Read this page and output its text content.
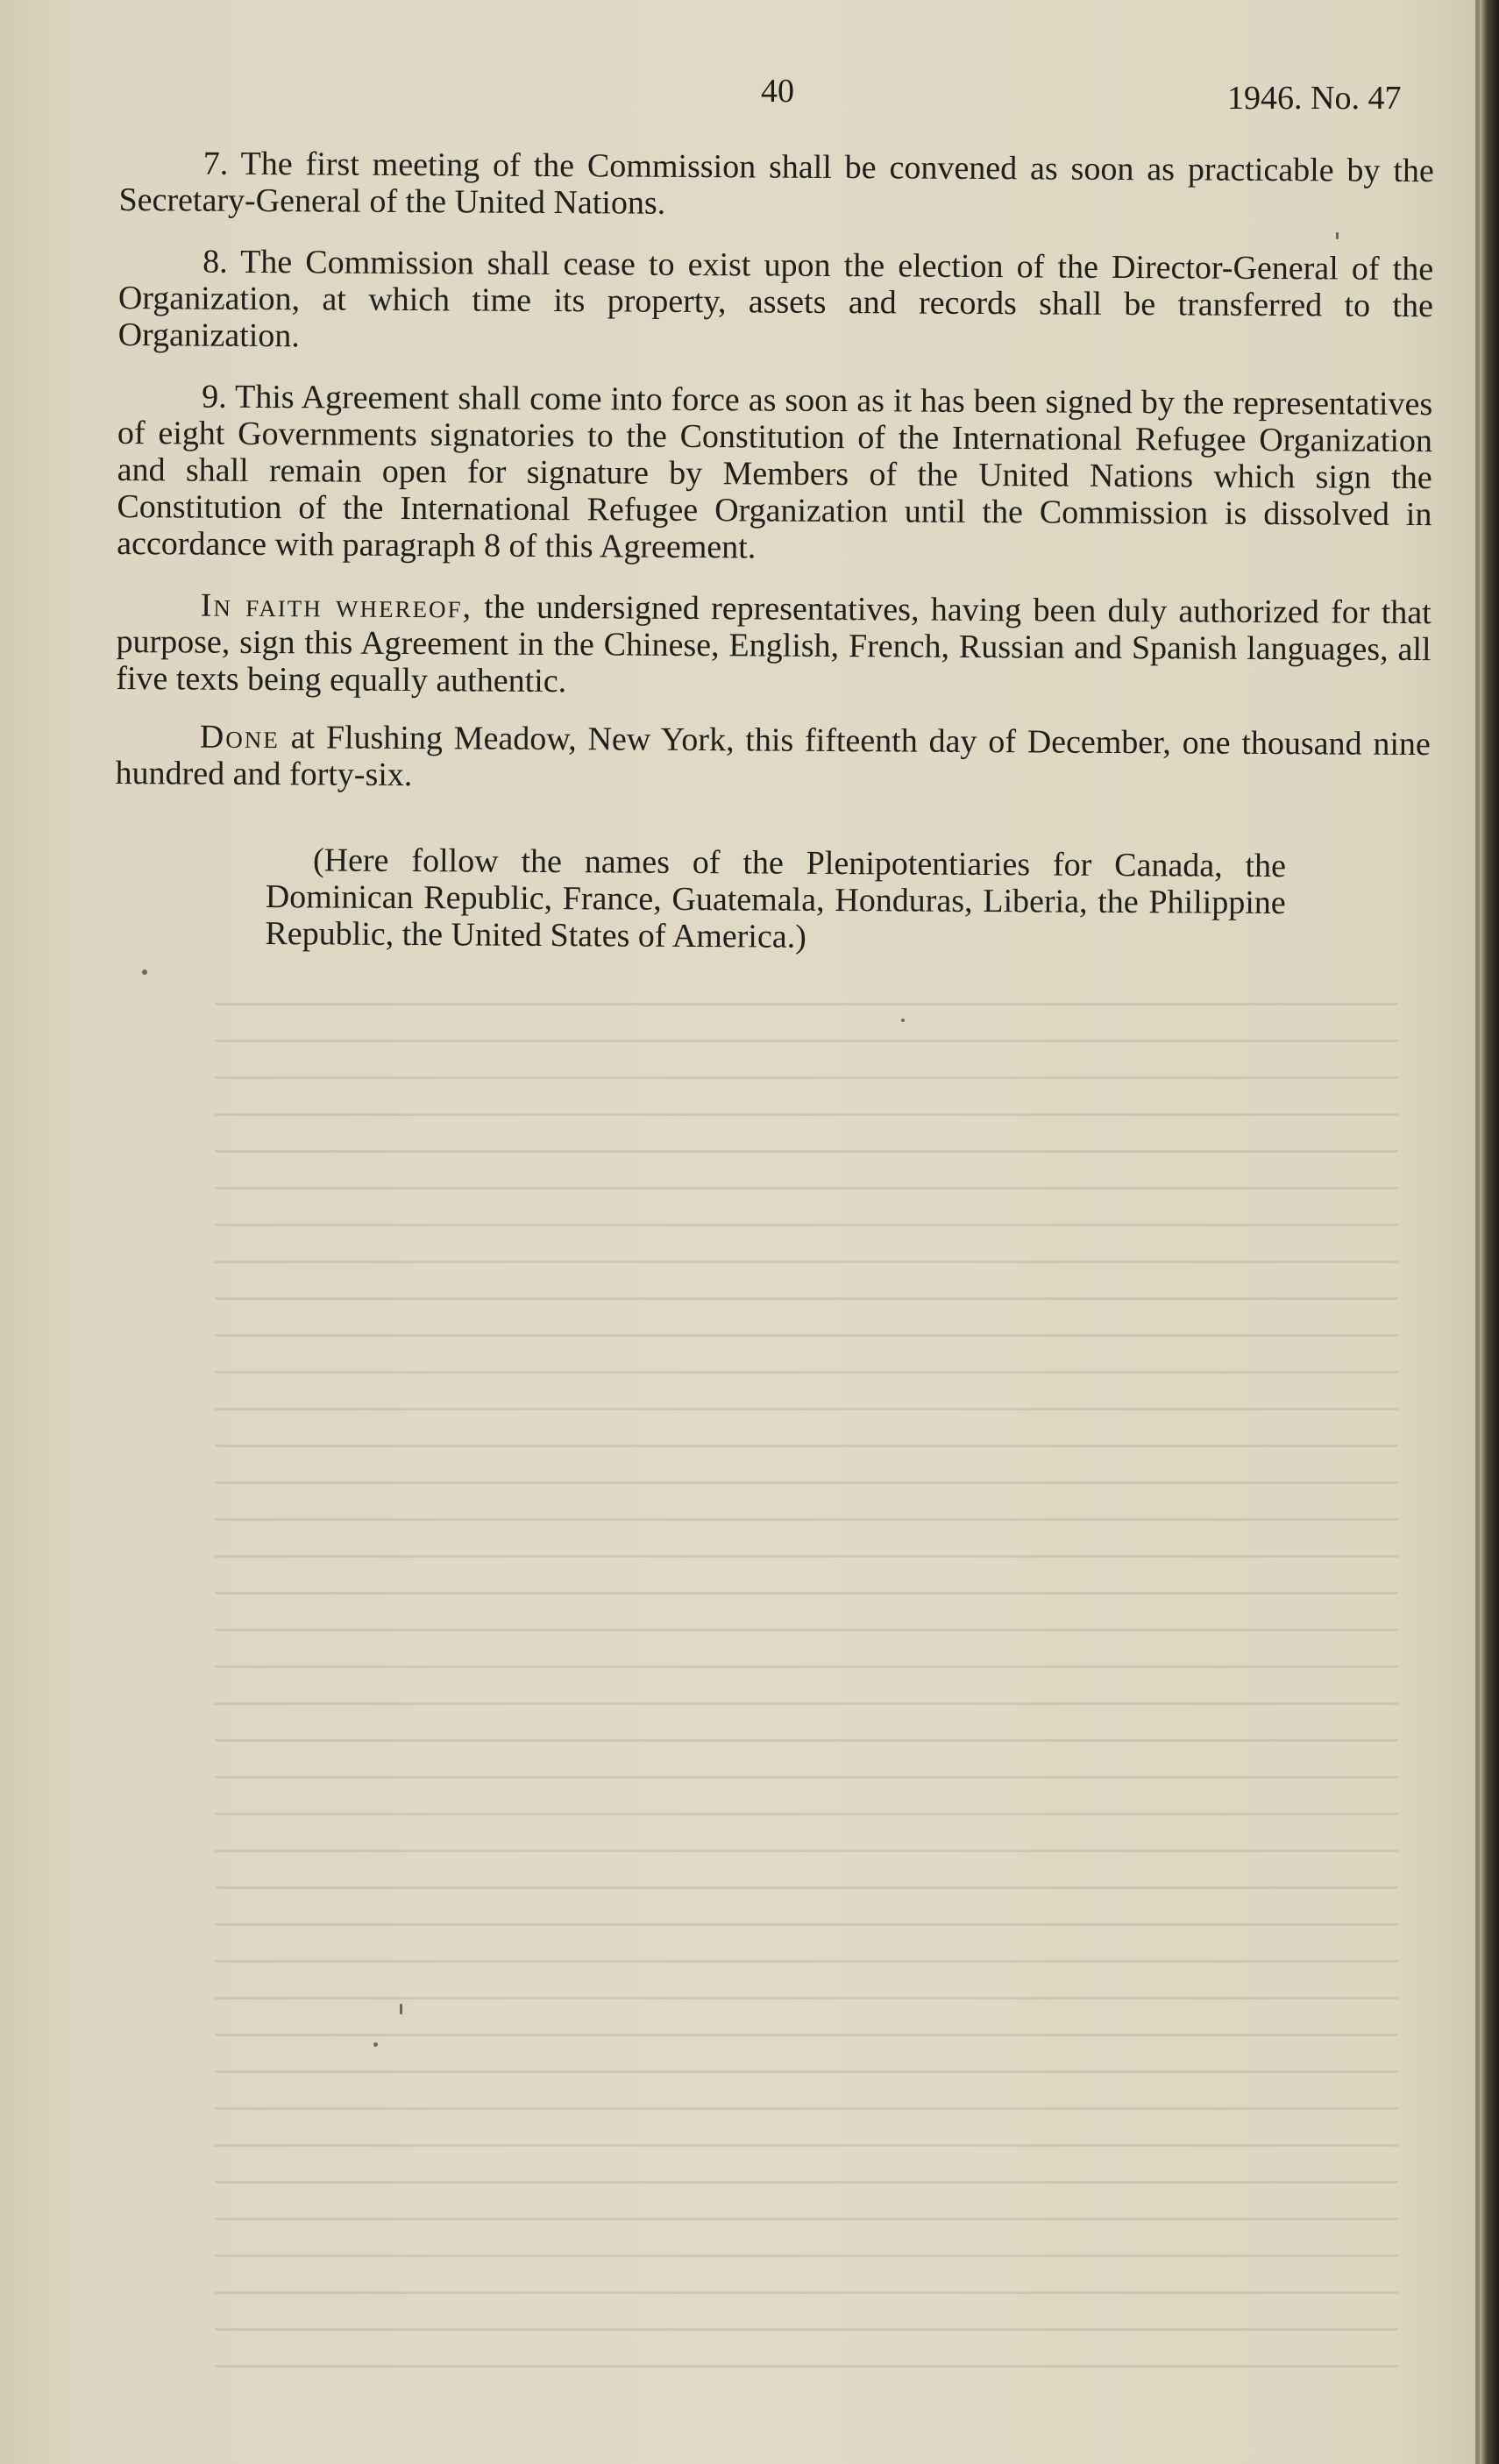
40	1946. No. 47

7. The first meeting of the Commission shall be convened as soon as practicable by the Secretary-General of the United Nations.

8. The Commission shall cease to exist upon the election of the Director-General of the Organization, at which time its property, assets and records shall be transferred to the Organization.

9. This Agreement shall come into force as soon as it has been signed by the representatives of eight Governments signatories to the Constitution of the International Refugee Organization and shall remain open for signature by Members of the United Nations which sign the Constitution of the International Refugee Organization until the Commission is dissolved in accordance with paragraph 8 of this Agreement.

In faith whereof, the undersigned representatives, having been duly authorized for that purpose, sign this Agreement in the Chinese, English, French, Russian and Spanish languages, all five texts being equally authentic.

Done at Flushing Meadow, New York, this fifteenth day of December, one thousand nine hundred and forty-six.

(Here follow the names of the Plenipotentiaries for Canada, the Dominican Republic, France, Guatemala, Honduras, Liberia, the Philippine Republic, the United States of America.)
